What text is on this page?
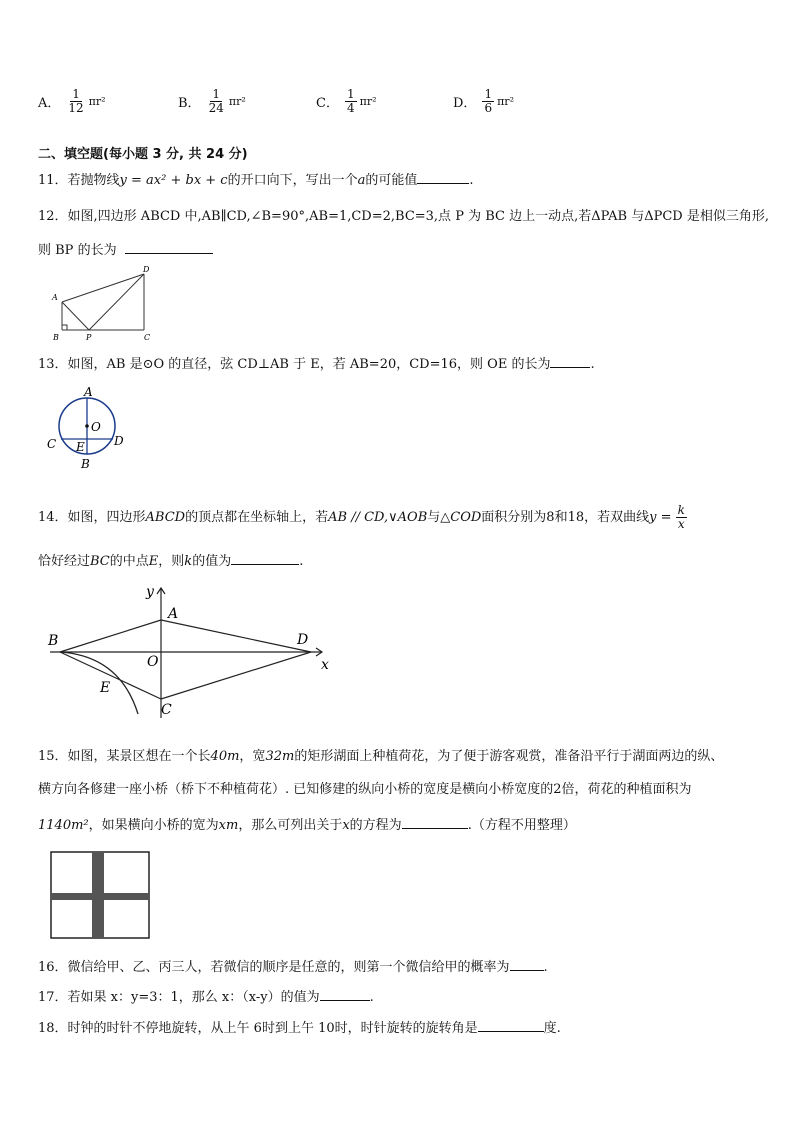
A． $\frac{1}{12} \pi r^2$	B． $\frac{1}{24} \pi r^2$	C． $\frac{1}{4} \pi r^2$	D． $\frac{1}{6} \pi r^2$
二、填空题(每小题 3 分, 共 24 分)
11．若抛物线y = ax² + bx + c的开口向下，写出一个a的可能值	.
12．如图,四边形 ABCD 中,AB∥CD,∠B=90°,AB=1,CD=2,BC=3,点 P 为 BC 边上一动点,若ΔPAB 与ΔPCD 是相似三角形,
则 BP 的长为
A
B	P	C
D
13．如图，AB 是⊙O 的直径，弦 CD⊥AB 于 E，若 AB=20，CD=16，则 OE 的长为	.
A
O
C E D
B
14．如图，四边形ABCD的顶点都在坐标轴上，若AB // CD,∨AOB与△COD面积分别为8和18，若双曲线$y = \frac{k}{x}$
恰好经过BC的中点E，则k的值为	.
y
x
A
B	D
O
E
C
15．如图，某景区想在一个长40m，宽32m的矩形湖面上种植荷花，为了便于游客观赏，准备沿平行于湖面两边的纵、
横方向各修建一座小桥（桥下不种植荷花）. 已知修建的纵向小桥的宽度是横向小桥宽度的2倍，荷花的种植面积为
1140m²，如果横向小桥的宽为xm，那么可列出关于x的方程为	.（方程不用整理）
16．微信给甲、乙、丙三人，若微信的顺序是任意的，则第一个微信给甲的概率为	.
17．若如果 x：y=3：1，那么 x：（x-y）的值为	.
18．时钟的时针不停地旋转，从上午 6时到上午 10时，时针旋转的旋转角是	度.
